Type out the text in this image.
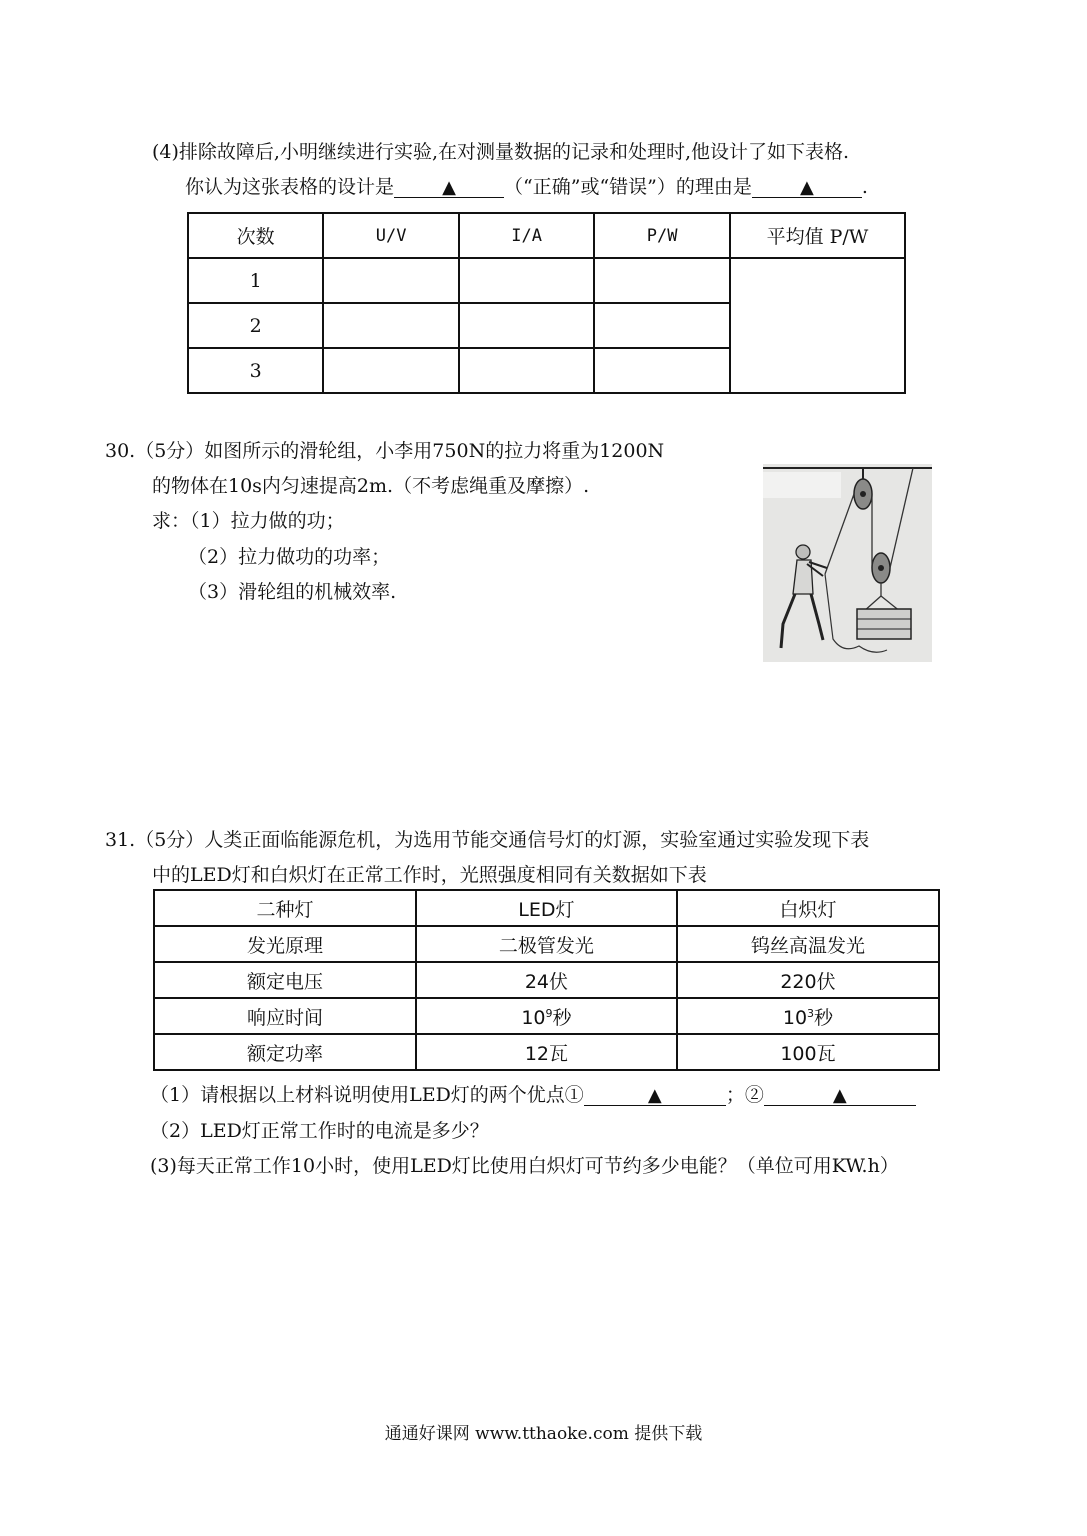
(4)排除故障后,小明继续进行实验,在对测量数据的记录和处理时,他设计了如下表格.
你认为这张表格的设计是	▲	（“正确”或“错误”）的理由是	▲	.
次数	U/V	I/A	P/W	平均值 P/W
1				
2				
3				
30.（5分）如图所示的滑轮组，小李用750N的拉力将重为1200N
的物体在10s内匀速提高2m.（不考虑绳重及摩擦）.
求：（1）拉力做的功；
（2）拉力做功的功率；
（3）滑轮组的机械效率.
31.（5分）人类正面临能源危机，为选用节能交通信号灯的灯源，实验室通过实验发现下表
中的LED灯和白炽灯在正常工作时，光照强度相同有关数据如下表
二种灯	LED灯	白炽灯
发光原理	二极管发光	钨丝高温发光
额定电压	24伏	220伏
响应时间	$10^9$秒	$10^3$秒
额定功率	12瓦	100瓦
（1）请根据以上材料说明使用LED灯的两个优点①	▲	；②	▲
（2）LED灯正常工作时的电流是多少？
(3)每天正常工作10小时，使用LED灯比使用白炽灯可节约多少电能？（单位可用KW.h）
通通好课网 www.tthaoke.com 提供下载
